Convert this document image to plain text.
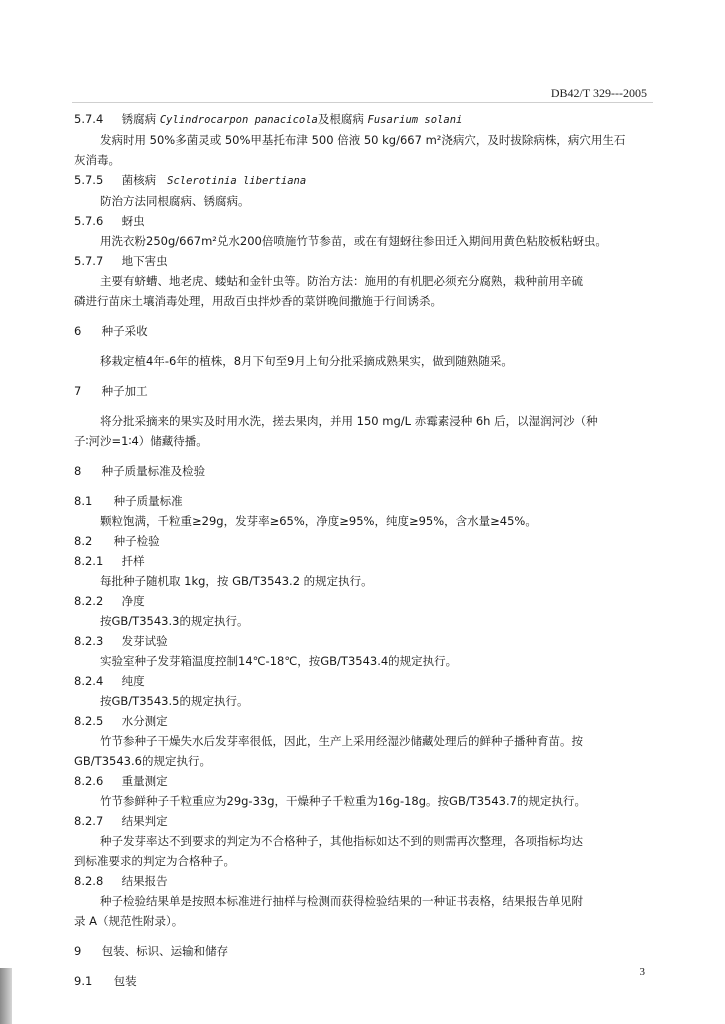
DB42/T 329---2005
5.7.4 锈腐病 Cylindrocarpon panacicola及根腐病 Fusarium solani
发病时用 50%多菌灵或 50%甲基托布津 500 倍液 50 kg/667 m²浇病穴，及时拔除病株，病穴用生石
灰消毒。
5.7.5 菌核病 Sclerotinia libertiana
防治方法同根腐病、锈腐病。
5.7.6 蚜虫
用洗衣粉250g/667m²兑水200倍喷施竹节参苗，或在有翅蚜往参田迁入期间用黄色粘胶板粘蚜虫。
5.7.7 地下害虫
主要有蛴螬、地老虎、蝼蛄和金针虫等。防治方法：施用的有机肥必须充分腐熟，栽种前用辛硫
磷进行苗床土壤消毒处理，用敌百虫拌炒香的菜饼晚间撒施于行间诱杀。
6 种子采收
移栽定植4年-6年的植株，8月下旬至9月上旬分批采摘成熟果实，做到随熟随采。
7 种子加工
将分批采摘来的果实及时用水洗，搓去果肉，并用 150 mg/L 赤霉素浸种 6h 后，以湿润河沙（种
子∶河沙=1∶4）储藏待播。
8 种子质量标准及检验
8.1 种子质量标准
颗粒饱满，千粒重≥29g，发芽率≥65%，净度≥95%，纯度≥95%，含水量≥45%。
8.2 种子检验
8.2.1 扦样
每批种子随机取 1kg，按 GB/T3543.2 的规定执行。
8.2.2 净度
按GB/T3543.3的规定执行。
8.2.3 发芽试验
实验室种子发芽箱温度控制14℃-18℃，按GB/T3543.4的规定执行。
8.2.4 纯度
按GB/T3543.5的规定执行。
8.2.5 水分测定
竹节参种子干燥失水后发芽率很低，因此，生产上采用经湿沙储藏处理后的鲜种子播种育苗。按
GB/T3543.6的规定执行。
8.2.6 重量测定
竹节参鲜种子千粒重应为29g-33g，干燥种子千粒重为16g-18g。按GB/T3543.7的规定执行。
8.2.7 结果判定
种子发芽率达不到要求的判定为不合格种子，其他指标如达不到的则需再次整理，各项指标均达
到标准要求的判定为合格种子。
8.2.8 结果报告
种子检验结果单是按照本标准进行抽样与检测而获得检验结果的一种证书表格，结果报告单见附
录 A（规范性附录）。
9 包装、标识、运输和储存
9.1 包装
3
